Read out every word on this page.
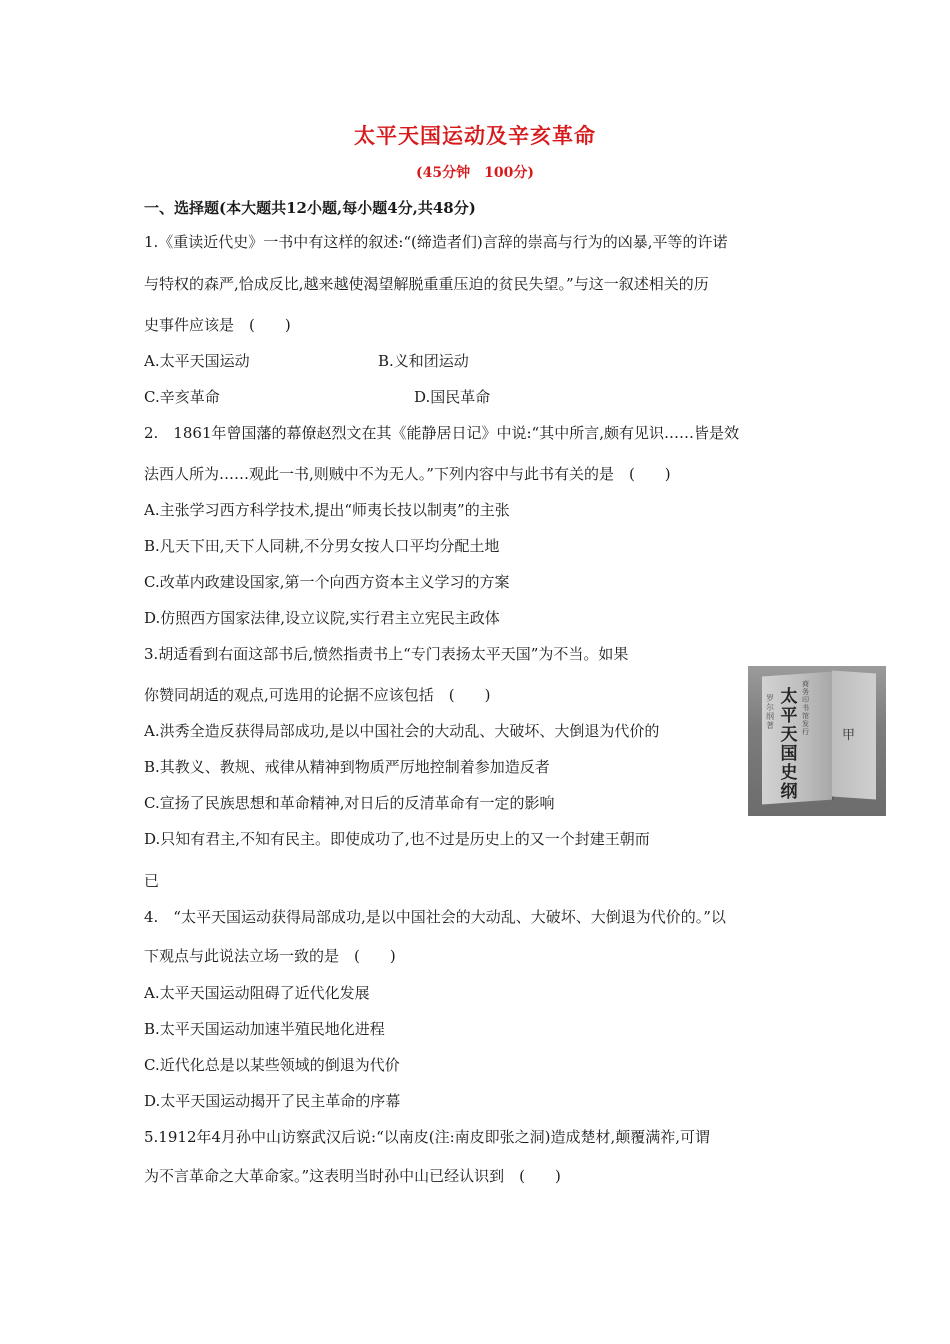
太平天国运动及辛亥革命
(45分钟　100分)
一、选择题(本大题共12小题,每小题4分,共48分)
1.《重读近代史》一书中有这样的叙述:“(缔造者们)言辞的崇高与行为的凶暴,平等的许诺
与特权的森严,恰成反比,越来越使渴望解脱重重压迫的贫民失望。”与这一叙述相关的历
史事件应该是　(　　)
A.太平天国运动	B.义和团运动
C.辛亥革命	D.国民革命
2.　1861年曾国藩的幕僚赵烈文在其《能静居日记》中说:“其中所言,颇有见识……皆是效
法西人所为……观此一书,则贼中不为无人。”下列内容中与此书有关的是　(　　)
A.主张学习西方科学技术,提出“师夷长技以制夷”的主张
B.凡天下田,天下人同耕,不分男女按人口平均分配土地
C.改革内政建设国家,第一个向西方资本主义学习的方案
D.仿照西方国家法律,设立议院,实行君主立宪民主政体
3.胡适看到右面这部书后,愤然指责书上“专门表扬太平天国”为不当。如果
你赞同胡适的观点,可选用的论据不应该包括　(　　)
A.洪秀全造反获得局部成功,是以中国社会的大动乱、大破坏、大倒退为代价的
B.其教义、教规、戒律从精神到物质严厉地控制着参加造反者
C.宣扬了民族思想和革命精神,对日后的反清革命有一定的影响
D.只知有君主,不知有民主。即使成功了,也不过是历史上的又一个封建王朝而
已
罗尔纲著
太平天国史纲
商务印书馆发行	甲
4.　“太平天国运动获得局部成功,是以中国社会的大动乱、大破坏、大倒退为代价的。”以
下观点与此说法立场一致的是　(　　)
A.太平天国运动阻碍了近代化发展
B.太平天国运动加速半殖民地化进程
C.近代化总是以某些领域的倒退为代价
D.太平天国运动揭开了民主革命的序幕
5.1912年4月孙中山访察武汉后说:“以南皮(注:南皮即张之洞)造成楚材,颠覆满祚,可谓
为不言革命之大革命家。”这表明当时孙中山已经认识到　(　　)
